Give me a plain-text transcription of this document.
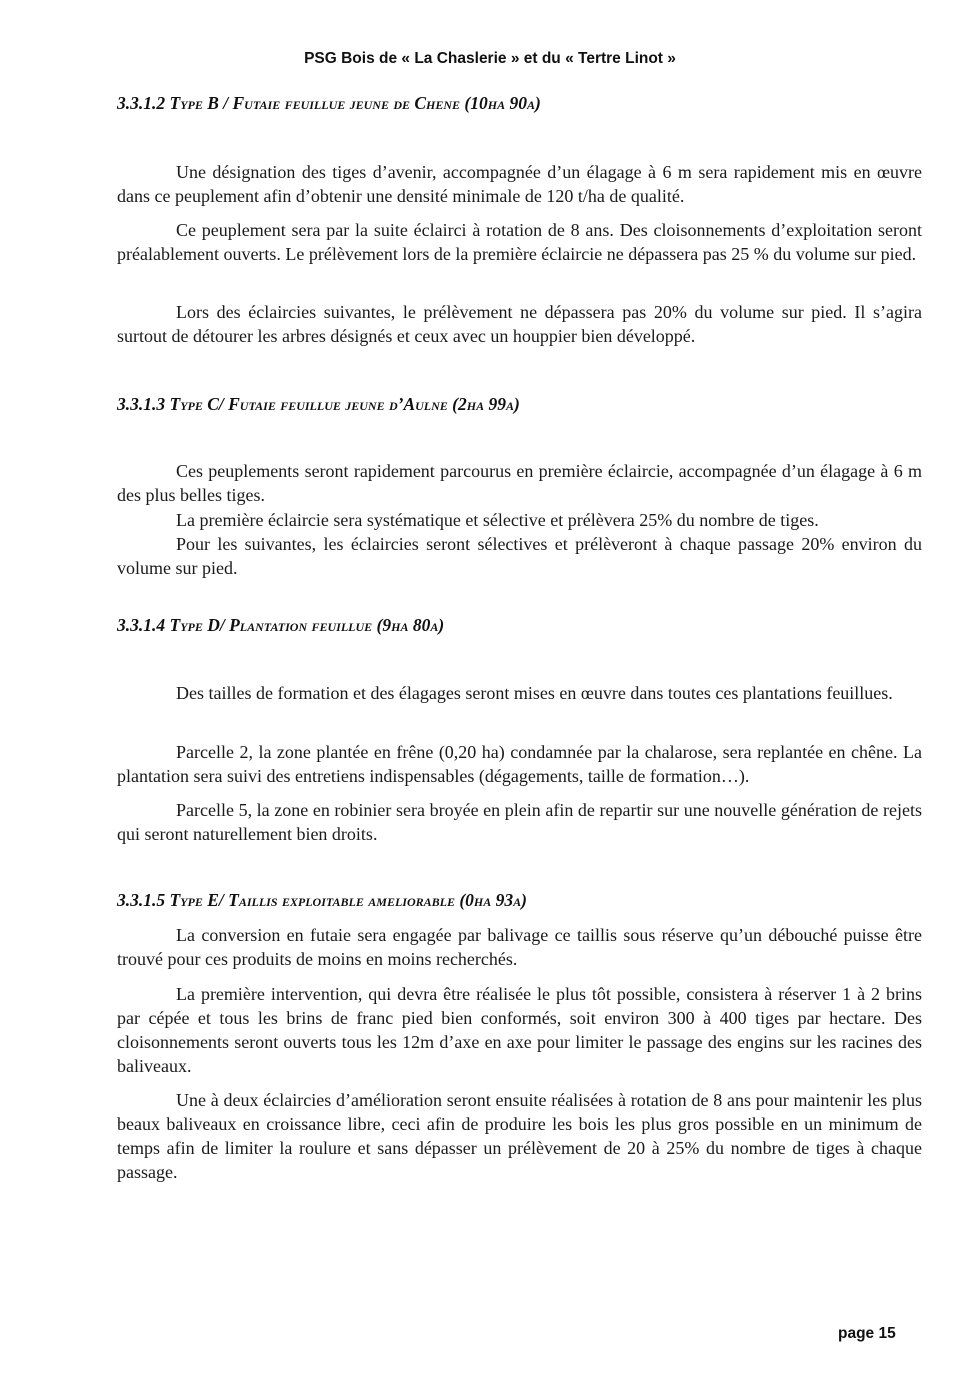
PSG Bois de « La Chaslerie » et du « Tertre Linot »
3.3.1.2 Type B / Futaie feuillue jeune de Chene (10ha 90a)
Une désignation des tiges d’avenir, accompagnée d’un élagage à 6 m sera rapidement mis en œuvre dans ce peuplement afin d’obtenir une densité minimale de 120 t/ha de qualité.
Ce peuplement sera par la suite éclairci à rotation de 8 ans. Des cloisonnements d’exploitation seront préalablement ouverts. Le prélèvement lors de la première éclaircie ne dépassera pas 25 % du volume sur pied.
Lors des éclaircies suivantes, le prélèvement ne dépassera pas 20% du volume sur pied. Il s’agira surtout de détourer les arbres désignés et ceux avec un houppier bien développé.
3.3.1.3 Type C/ Futaie feuillue jeune d’Aulne (2ha 99a)
Ces peuplements seront rapidement parcourus en première éclaircie, accompagnée d’un élagage à 6 m des plus belles tiges.
La première éclaircie sera systématique et sélective et prélèvera 25% du nombre de tiges.
Pour les suivantes, les éclaircies seront sélectives et prélèveront à chaque passage 20% environ du volume sur pied.
3.3.1.4 Type D/ Plantation feuillue (9ha 80a)
Des tailles de formation et des élagages seront mises en œuvre dans toutes ces plantations feuillues.
Parcelle 2, la zone plantée en frêne (0,20 ha) condamnée par la chalarose, sera replantée en chêne. La plantation sera suivi des entretiens indispensables (dégagements, taille de formation…).
Parcelle 5, la zone en robinier sera broyée en plein afin de repartir sur une nouvelle génération de rejets qui seront naturellement bien droits.
3.3.1.5 Type E/ Taillis exploitable ameliorable (0ha 93a)
La conversion en futaie sera engagée par balivage ce taillis sous réserve qu’un débouché puisse être trouvé pour ces produits de moins en moins recherchés.
La première intervention, qui devra être réalisée le plus tôt possible, consistera à réserver 1 à 2 brins par cépée et tous les brins de franc pied bien conformés, soit environ 300 à 400 tiges par hectare. Des cloisonnements seront ouverts tous les 12m d’axe en axe pour limiter le passage des engins sur les racines des baliveaux.
Une à deux éclaircies d’amélioration seront ensuite réalisées à rotation de 8 ans pour maintenir les plus beaux baliveaux en croissance libre, ceci afin de produire les bois les plus gros possible en un minimum de temps afin de limiter la roulure et sans dépasser un prélèvement de 20 à 25% du nombre de tiges à chaque passage.
page 15
